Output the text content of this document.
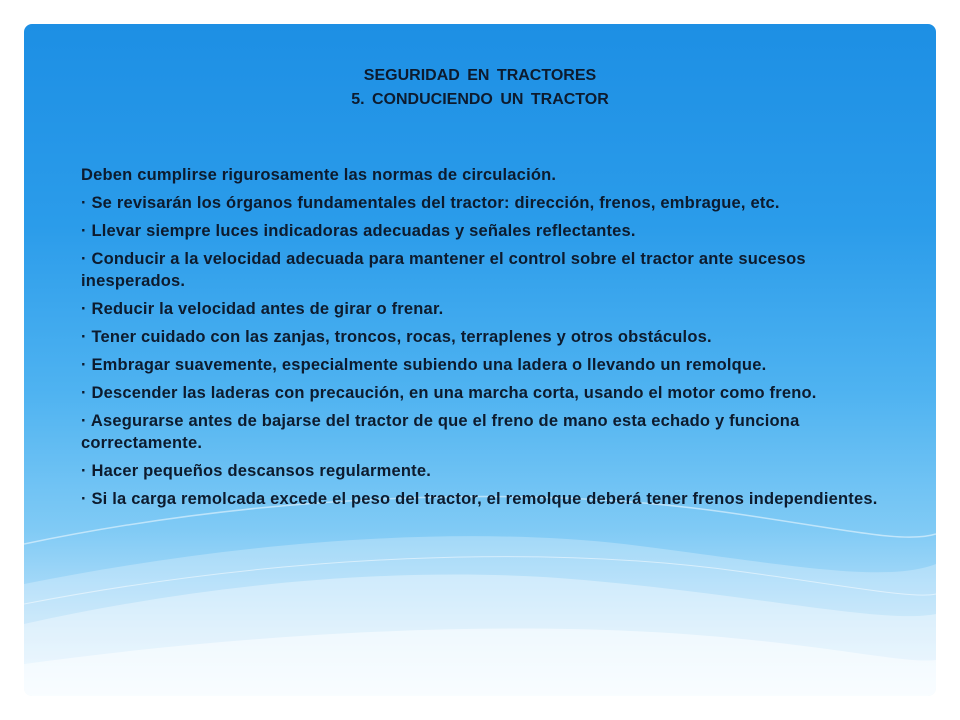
SEGURIDAD EN TRACTORES
5. CONDUCIENDO UN TRACTOR

Deben cumplirse rigurosamente las normas de circulación.

· Se revisarán los órganos fundamentales del tractor: dirección, frenos, embrague, etc.

· Llevar siempre luces indicadoras adecuadas y señales reflectantes.

· Conducir a la velocidad adecuada para mantener el control sobre el tractor ante sucesos inesperados.

· Reducir la velocidad antes de girar o frenar.

· Tener cuidado con las zanjas, troncos, rocas, terraplenes y otros obstáculos.

· Embragar suavemente, especialmente subiendo una ladera o llevando un remolque.

· Descender las laderas con precaución, en una marcha corta, usando el motor como freno.

· Asegurarse antes de bajarse del tractor de que el freno de mano esta echado y funciona correctamente.

· Hacer pequeños descansos regularmente.

· Si la carga remolcada excede el peso del tractor, el remolque deberá tener frenos independientes.
